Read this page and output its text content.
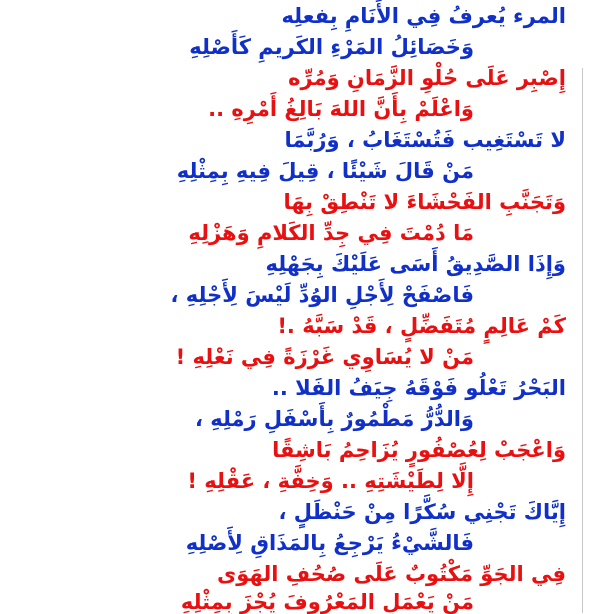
المرء يُعرفُ فِي الأَنَامِ بِفعلِه

وَخَصَائِلُ المَرْءِ الكَريمِ كَأَصْلِهِ

إِصْبِر عَلَى حُلْوِ الزَّمَانِ وَمُرِّه

وَاعْلَمْ بِأَنَّ اللهَ بَالِغُ أَمْرِهِ ..

لا تَسْتَغِيب فَتُسْتَغَابُ ، وَرُبَّمَا

مَنْ قَالَ شَيْئًا ، قِيلَ فِيهِ بِمِثْلِهِ

وَتَجَنَّبِ الفَحْشَاءَ لا تَنْطِقْ بِهَا

مَا دُمْتَ فِي جِدِّ الكَلامِ وَهَزْلِهِ

وَإِذَا الصَّدِيقُ أَسَى عَلَيْكَ بِجَهْلِهِ

فَاصْفَحْ لِأَجْلِ الوُدِّ لَيْسَ لِأَجْلِهِ ،

كَمْ عَالِمٍ مُتَفَضِّلٍ ، قَدْ سَبَّهُ .!

مَنْ لا يُسَاوِي غَرْزَةً فِي نَعْلِهِ !

البَحْرُ تَعْلُو فَوْقَهُ جِيَفُ الفَلا ..

وَالدُّرُّ مَطْمُورٌ بِأَسْفَلِ رَمْلِهِ ،

وَاعْجَبْ لِعُصْفُورٍ يُزَاحِمُ بَاشِقًا

إِلَّا لِطَيْشَتِهِ .. وَخِفَّةِ ، عَقْلِهِ !

إِيَّاكَ تَجْنِي سُكَّرًا مِنْ حَنْظَلٍ ،

فَالشَّيْءُ يَرْجِعُ بِالمَذَاقِ لِأَصْلِهِ

فِي الجَوِّ مَكْتُوبٌ عَلَى صُحُفِ الهَوَى

مَنْ يَعْمَلِ المَعْرُوفَ يُجْزَ بِمِثْلِهِ
